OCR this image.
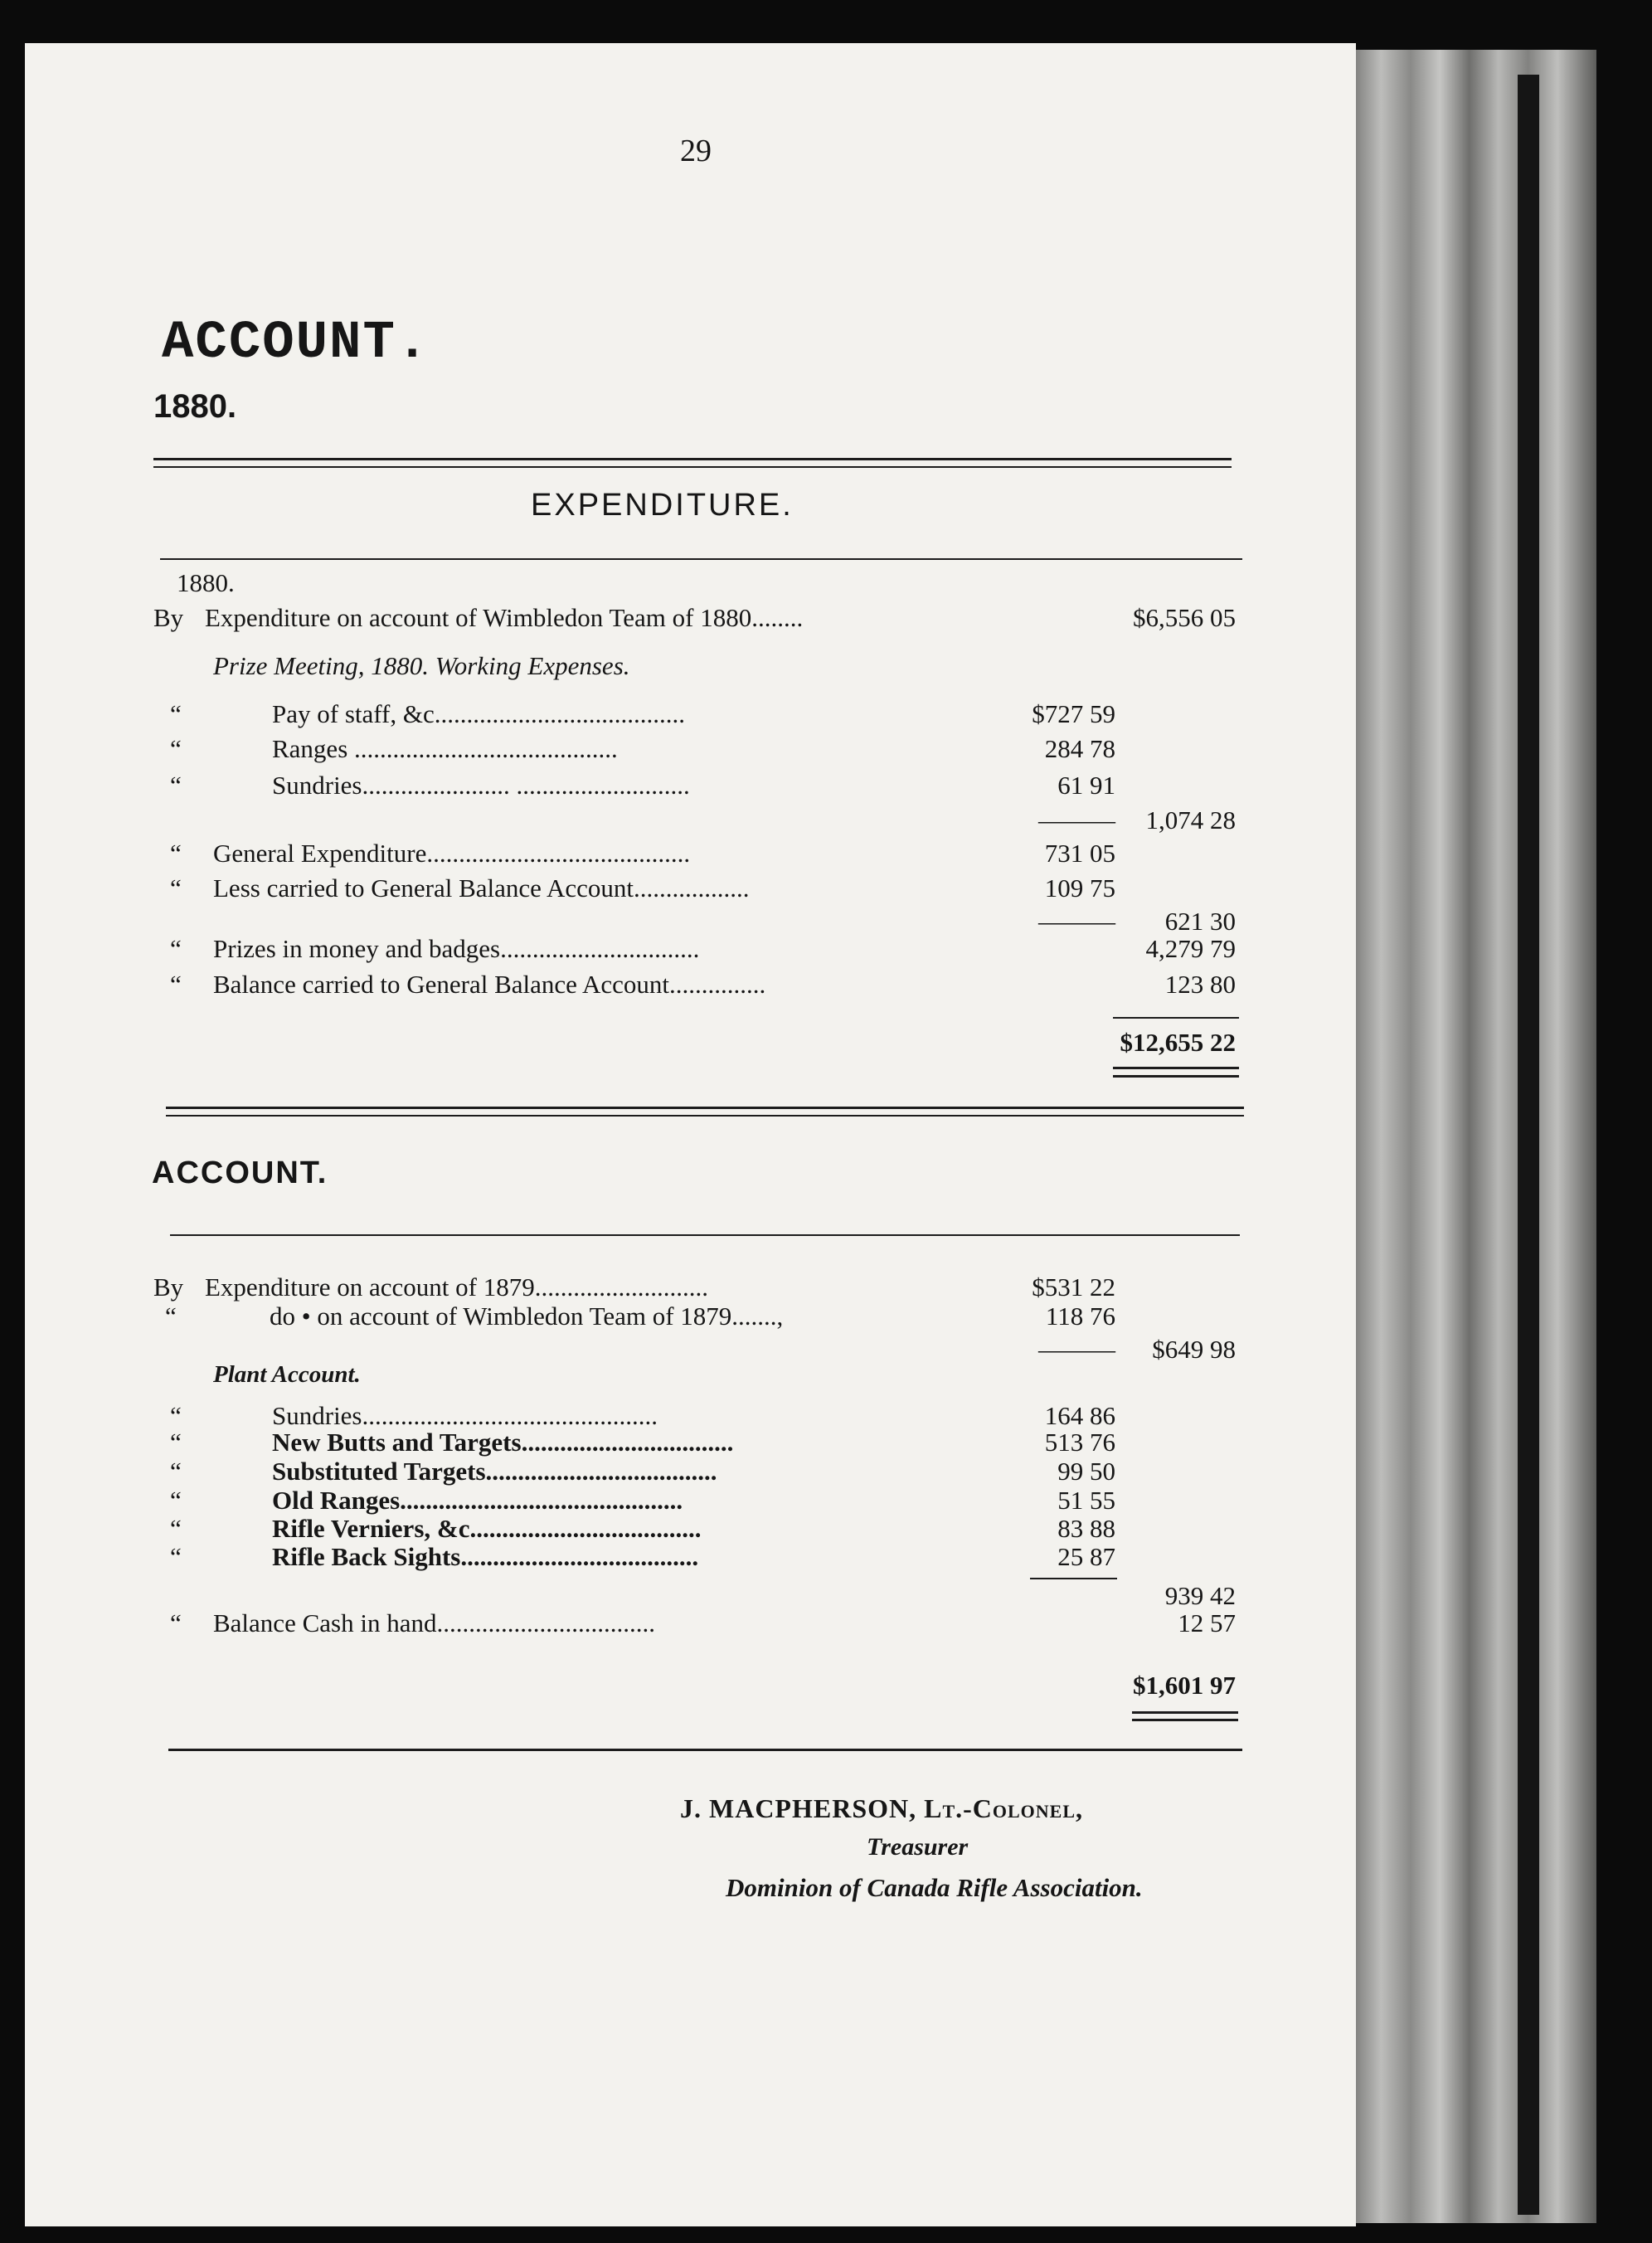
29
ACCOUNT.
1880.
EXPENDITURE.
1880.
By Expenditure on account of Wimbledon Team of 1880........	$6,556 05
Prize Meeting, 1880. Working Expenses.
“	Pay of staff, &c.......................................	$727 59
“	Ranges .........................................	284 78
“	Sundries....................... ...........................	61 91
———	1,074 28
“ General Expenditure.........................................	731 05
“ Less carried to General Balance Account..................	109 75
———	621 30
“ Prizes in money and badges...............................	4,279 79
“ Balance carried to General Balance Account...............	123 80
$12,655 22
ACCOUNT.
By Expenditure on account of 1879...........................	$531 22
“	do • on account of Wimbledon Team of 1879.......,	118 76
———	$649 98
Plant Account.
“	Sundries..............................................	164 86
“	New Butts and Targets.................................	513 76
“	Substituted Targets....................................	99 50
“	Old Ranges............................................	51 55
“	Rifle Verniers, &c....................................	83 88
“	Rifle Back Sights.....................................	25 87
939 42
“ Balance Cash in hand..................................	12 57
$1,601 97
J. MACPHERSON, Lt.-Colonel,
Treasurer
Dominion of Canada Rifle Association.
